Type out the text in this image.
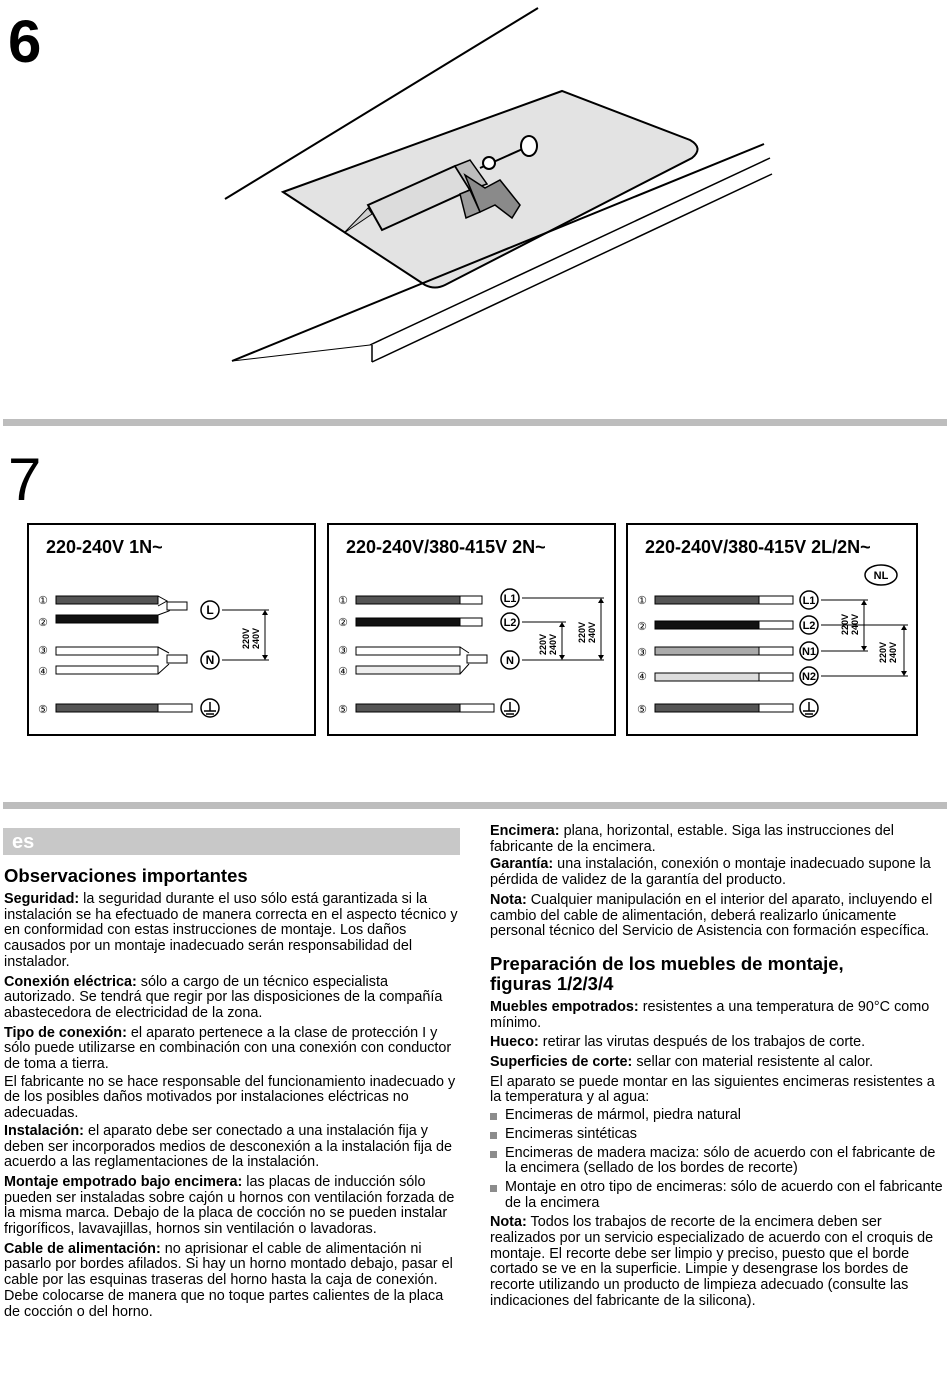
6
7
220-240V 1N~
①
②
③
④
⑤
220V240V
L
N
220-240V/380-415V 2N~
①
②
③
④
⑤
220V240V
220V240V
L1
L2
N
220-240V/380-415V 2L/2N~
①
②
③
④
⑤
220V240V
220V240V
NL
L1
L2
N1
N2
es
Observaciones importantes

Seguridad: la seguridad durante el uso sólo está garantizada si la instalación se ha efectuado de manera correcta en el aspecto técnico y en conformidad con estas instrucciones de montaje. Los daños causados por un montaje inadecuado serán responsabilidad del instalador.

Conexión eléctrica: sólo a cargo de un técnico especialista autorizado. Se tendrá que regir por las disposiciones de la compañía abastecedora de electricidad de la zona.

Tipo de conexión: el aparato pertenece a la clase de protección I y sólo puede utilizarse en combinación con una conexión con conductor de toma a tierra.

El fabricante no se hace responsable del funcionamiento inadecuado y de los posibles daños motivados por instalaciones eléctricas no adecuadas.

Instalación: el aparato debe ser conectado a una instalación fija y deben ser incorporados medios de desconexión a la instalación fija de acuerdo a las reglamentaciones de la instalación.

Montaje empotrado bajo encimera: las placas de inducción sólo pueden ser instaladas sobre cajón u hornos con ventilación forzada de la misma marca. Debajo de la placa de cocción no se pueden instalar frigoríficos, lavavajillas, hornos sin ventilación o lavadoras.

Cable de alimentación: no aprisionar el cable de alimentación ni pasarlo por bordes afilados. Si hay un horno montado debajo, pasar el cable por las esquinas traseras del horno hasta la caja de conexión. Debe colocarse de manera que no toque partes calientes de la placa de cocción o del horno.

Encimera: plana, horizontal, estable. Siga las instrucciones del fabricante de la encimera.

Garantía: una instalación, conexión o montaje inadecuado supone la pérdida de validez de la garantía del producto.

Nota: Cualquier manipulación en el interior del aparato, incluyendo el cambio del cable de alimentación, deberá realizarlo únicamente personal técnico del Servicio de Asistencia con formación específica.

Preparación de los muebles de montaje,
figuras 1/2/3/4

Muebles empotrados: resistentes a una temperatura de 90°C como mínimo.

Hueco: retirar las virutas después de los trabajos de corte.

Superficies de corte: sellar con material resistente al calor.

El aparato se puede montar en las siguientes encimeras resistentes a la temperatura y al agua:

Encimeras de mármol, piedra natural
Encimeras sintéticas
Encimeras de madera maciza: sólo de acuerdo con el fabricante de la encimera (sellado de los bordes de recorte)
Montaje en otro tipo de encimeras: sólo de acuerdo con el fabricante de la encimera

Nota: Todos los trabajos de recorte de la encimera deben ser realizados por un servicio especializado de acuerdo con el croquis de montaje. El recorte debe ser limpio y preciso, puesto que el borde cortado se ve en la superficie. Limpie y desengrase los bordes de recorte utilizando un producto de limpieza adecuado (consulte las indicaciones del fabricante de la silicona).
